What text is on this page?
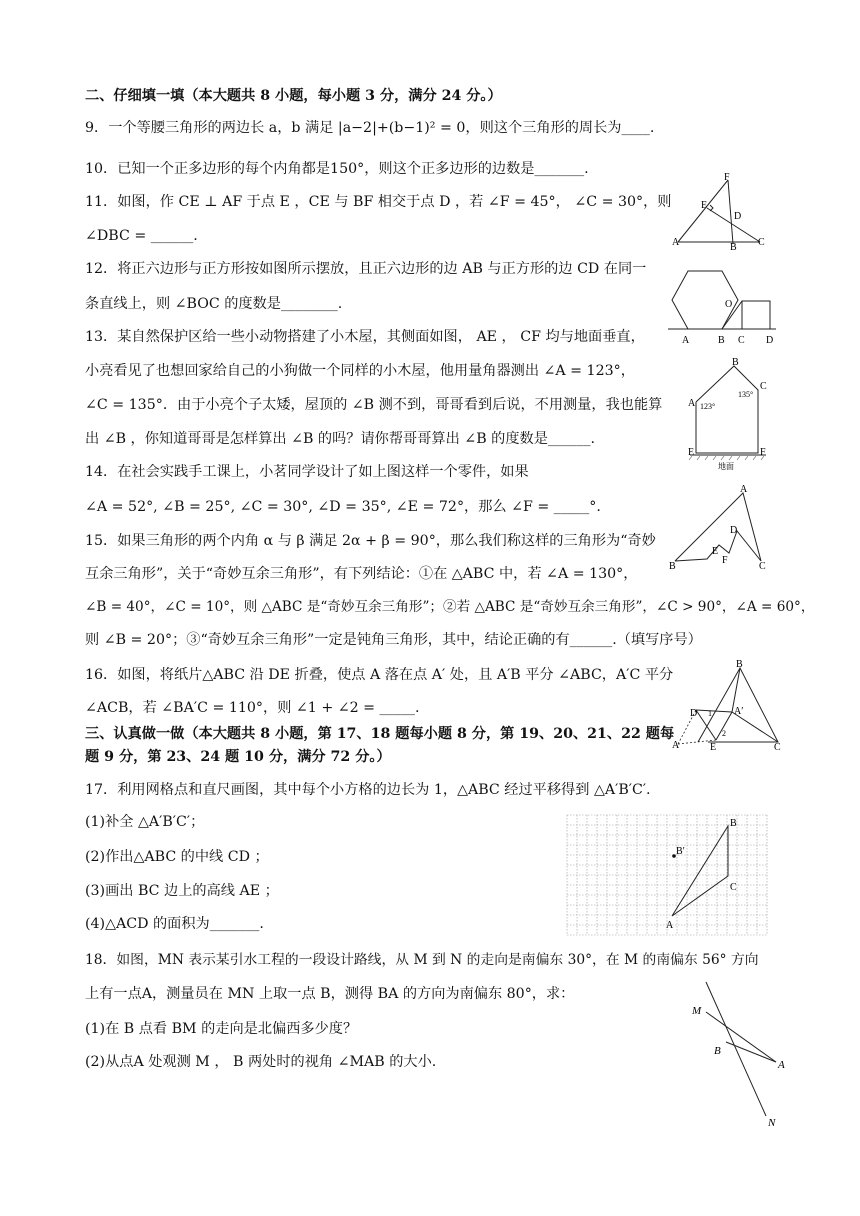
二、仔细填一填（本大题共 8 小题，每小题 3 分，满分 24 分。）
9．一个等腰三角形的两边长 a，b 满足 |a−2|+(b−1)² = 0，则这个三角形的周长为____.
10．已知一个正多边形的每个内角都是150°，则这个正多边形的边数是_______.
11．如图，作 CE ⊥ AF 于点 E ，CE 与 BF 相交于点 D ，若 ∠F = 45°， ∠C = 30°，则
∠DBC = ______.
12．将正六边形与正方形按如图所示摆放，且正六边形的边 AB 与正方形的边 CD 在同一
条直线上，则 ∠BOC 的度数是________.
13．某自然保护区给一些小动物搭建了小木屋，其侧面如图， AE ， CF 均与地面垂直，
小亮看见了也想回家给自己的小狗做一个同样的小木屋，他用量角器测出 ∠A = 123°，
∠C = 135°．由于小亮个子太矮，屋顶的 ∠B 测不到，哥哥看到后说，不用测量，我也能算
出 ∠B ，你知道哥哥是怎样算出 ∠B 的吗？请你帮哥哥算出 ∠B 的度数是______.
14．在社会实践手工课上，小茗同学设计了如上图这样一个零件，如果
∠A = 52°, ∠B = 25°, ∠C = 30°, ∠D = 35°, ∠E = 72°，那么 ∠F = _____°.
15．如果三角形的两个内角 α 与 β 满足 2α + β = 90°，那么我们称这样的三角形为“奇妙
互余三角形”，关于“奇妙互余三角形”，有下列结论：①在 △ABC 中，若 ∠A = 130°，
∠B = 40°，∠C = 10°，则 △ABC 是“奇妙互余三角形”；②若 △ABC 是“奇妙互余三角形”，∠C > 90°，∠A = 60°，
则 ∠B = 20°；③“奇妙互余三角形”一定是钝角三角形，其中，结论正确的有______.（填写序号）
16．如图，将纸片△ABC 沿 DE 折叠，使点 A 落在点 A′ 处，且 A′B 平分 ∠ABC，A′C 平分
∠ACB，若 ∠BA′C = 110°，则 ∠1 + ∠2 = _____.
三、认真做一做（本大题共 8 小题，第 17、18 题每小题 8 分，第 19、20、21、22 题每
题 9 分，第 23、24 题 10 分，满分 72 分。）
17．利用网格点和直尺画图，其中每个小方格的边长为 1，△ABC 经过平移得到 △A′B′C′.
(1)补全 △A′B′C′；
(2)作出△ABC 的中线 CD ；
(3)画出 BC 边上的高线 AE ；
(4)△ACD 的面积为_______.
18．如图，MN 表示某引水工程的一段设计路线，从 M 到 N 的走向是南偏东 30°，在 M 的南偏东 56° 方向
上有一点A，测量员在 MN 上取一点 B，测得 BA 的方向为南偏东 80°，求：
(1)在 B 点看 BM 的走向是北偏西多少度？
(2)从点A 处观测 M ， B 两处时的视角 ∠MAB 的大小.
F
E
D
A	B C
O
A	B C D
B
C
A 123°
135°
E	F
地面
A
B	C
D
E
F
B
D	A′
1
2
A	E	C
B
B′
C
A
M
B
A
N
